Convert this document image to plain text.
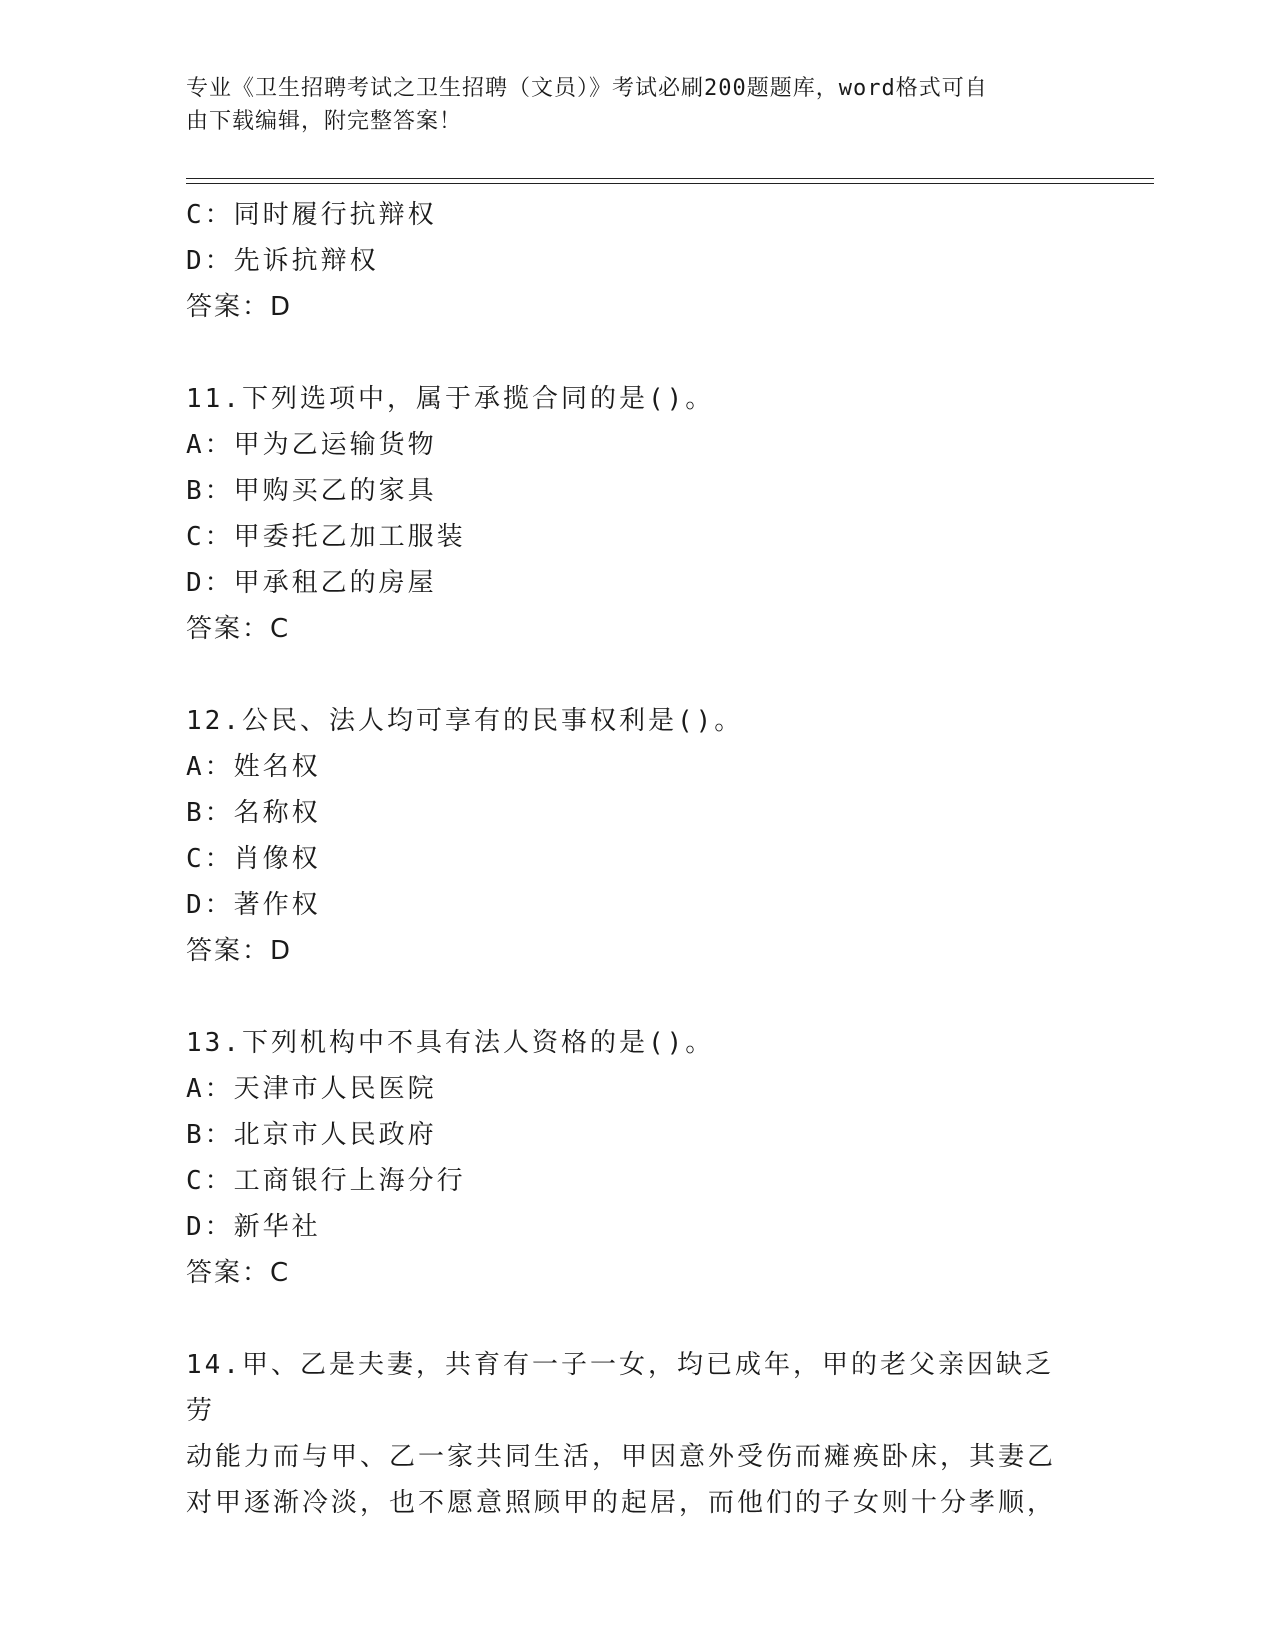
专业《卫生招聘考试之卫生招聘（文员）》考试必刷200题题库，word格式可自
由下载编辑，附完整答案！
C：同时履行抗辩权
D：先诉抗辩权
答案：D
11.下列选项中，属于承揽合同的是()。
A：甲为乙运输货物
B：甲购买乙的家具
C：甲委托乙加工服装
D：甲承租乙的房屋
答案：C
12.公民、法人均可享有的民事权利是()。
A：姓名权
B：名称权
C：肖像权
D：著作权
答案：D
13.下列机构中不具有法人资格的是()。
A：天津市人民医院
B：北京市人民政府
C：工商银行上海分行
D：新华社
答案：C
14.甲、乙是夫妻，共育有一子一女，均已成年，甲的老父亲因缺乏劳
动能力而与甲、乙一家共同生活，甲因意外受伤而瘫痪卧床，其妻乙
对甲逐渐冷淡，也不愿意照顾甲的起居，而他们的子女则十分孝顺，
